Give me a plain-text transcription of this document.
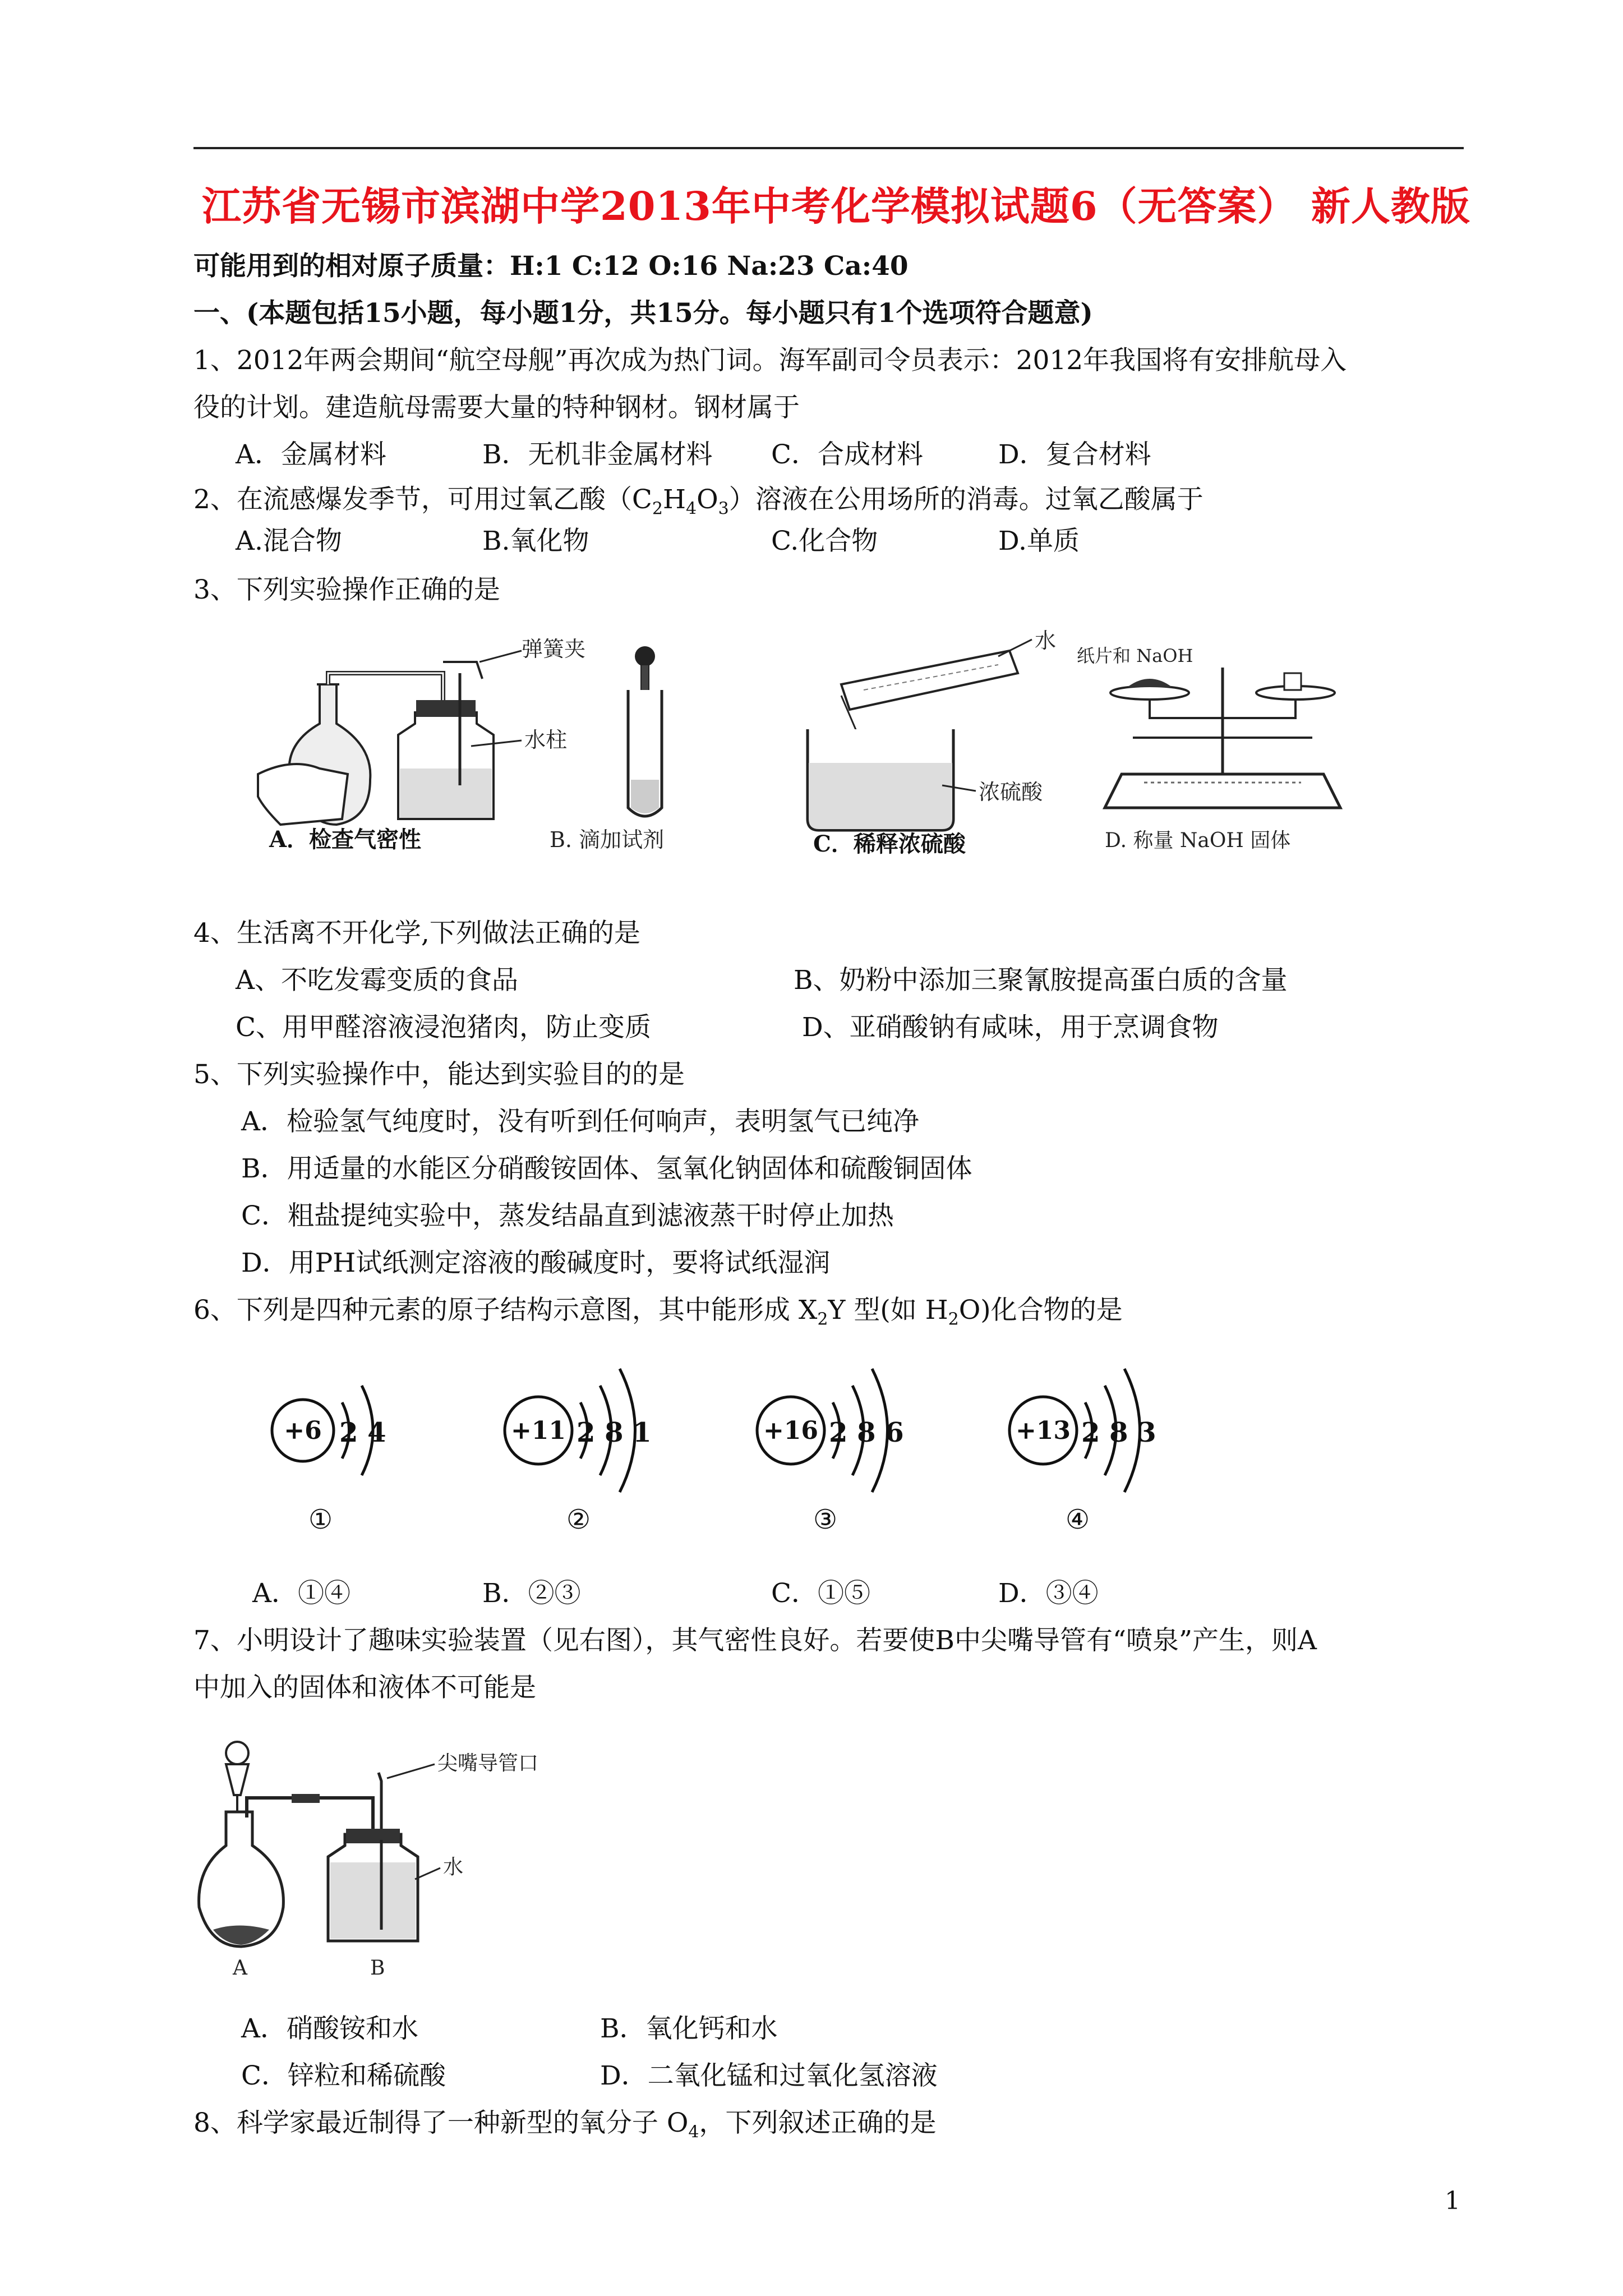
江苏省无锡市滨湖中学2013年中考化学模拟试题6（无答案） 新人教版
可能用到的相对原子质量：H:1 C:12 O:16 Na:23 Ca:40
一、(本题包括15小题，每小题1分，共15分。每小题只有1个选项符合题意)
1、2012年两会期间“航空母舰”再次成为热门词。海军副司令员表示：2012年我国将有安排航母入
役的计划。建造航母需要大量的特种钢材。钢材属于
A．金属材料	B．无机非金属材料 C．合成材料	D．复合材料
2、在流感爆发季节，可用过氧乙酸$(C_2H_4O_3)$溶液在公用场所的消毒。过氧乙酸属于
A.混合物	B.氧化物	C.化合物	D.单质
3、下列实验操作正确的是
弹簧夹
水柱
A．检查气密性	B. 滴加试剂
水
浓硫酸
C．稀释浓硫酸
纸片和 NaOH
D. 称量 NaOH 固体
4、生活离不开化学,下列做法正确的是
A、不吃发霉变质的食品	B、奶粉中添加三聚氰胺提高蛋白质的含量
C、用甲醛溶液浸泡猪肉，防止变质	D、亚硝酸钠有咸味，用于烹调食物
5、下列实验操作中，能达到实验目的的是
A．检验氢气纯度时，没有听到任何响声，表明氢气已纯净
B．用适量的水能区分硝酸铵固体、氢氧化钠固体和硫酸铜固体
C．粗盐提纯实验中，蒸发结晶直到滤液蒸干时停止加热
D．用PH试纸测定溶液的酸碱度时，要将试纸湿润
6、下列是四种元素的原子结构示意图，其中能形成 $X_2Y$ 型(如 $H_2O$)化合物的是
+6 2 4
①
+11 2 8 1
②
+16 2 8 6
③
+13 2 8 3
④
A．①④	B．②③	C．①⑤	D．③④
7、小明设计了趣味实验装置（见右图），其气密性良好。若要使B中尖嘴导管有“喷泉”产生，则A
中加入的固体和液体不可能是
尖嘴导管口
水
A	B
A．硝酸铵和水	B．氧化钙和水
C．锌粒和稀硫酸	D．二氧化锰和过氧化氢溶液
8、科学家最近制得了一种新型的氧分子 $O_4$，下列叙述正确的是
1
